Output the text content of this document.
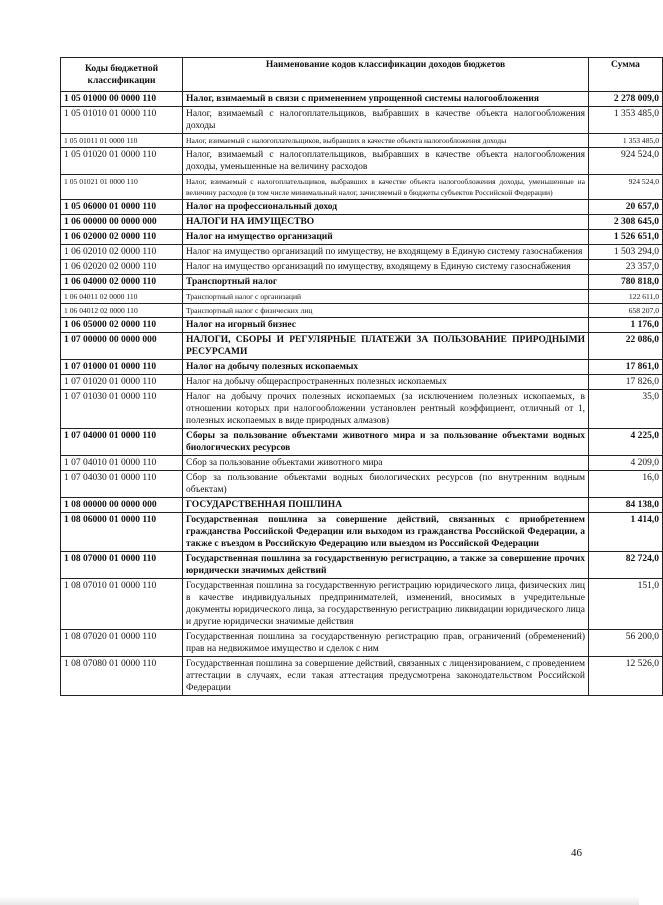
Коды бюджетной классификации	Наименование кодов классификации доходов бюджетов	Сумма
1 05 01000 00 0000 110	Налог, взимаемый в связи с применением упрощенной системы налогообложения	2 278 009,0
1 05 01010 01 0000 110	Налог, взимаемый с налогоплательщиков, выбравших в качестве объекта налогообложения доходы	1 353 485,0
1 05 01011 01 0000 110	Налог, взимаемый с налогоплательщиков, выбравших в качестве объекта налогообложения доходы	1 353 485,0
1 05 01020 01 0000 110	Налог, взимаемый с налогоплательщиков, выбравших в качестве объекта налогообложения доходы, уменьшенные на величину расходов	924 524,0
1 05 01021 01 0000 110	Налог, взимаемый с налогоплательщиков, выбравших в качестве объекта налогообложения доходы, уменьшенные на величину расходов (в том числе минимальный налог, зачисляемый в бюджеты субъектов Российской Федерации)	924 524,0
1 05 06000 01 0000 110	Налог на профессиональный доход	20 657,0
1 06 00000 00 0000 000	НАЛОГИ НА ИМУЩЕСТВО	2 308 645,0
1 06 02000 02 0000 110	Налог на имущество организаций	1 526 651,0
1 06 02010 02 0000 110	Налог на имущество организаций по имуществу, не входящему в Единую систему газоснабжения	1 503 294,0
1 06 02020 02 0000 110	Налог на имущество организаций по имуществу, входящему в Единую систему газоснабжения	23 357,0
1 06 04000 02 0000 110	Транспортный налог	780 818,0
1 06 04011 02 0000 110	Транспортный налог с организаций	122 611,0
1 06 04012 02 0000 110	Транспортный налог с физических лиц	658 207,0
1 06 05000 02 0000 110	Налог на игорный бизнес	1 176,0
1 07 00000 00 0000 000	НАЛОГИ, СБОРЫ И РЕГУЛЯРНЫЕ ПЛАТЕЖИ ЗА ПОЛЬЗОВАНИЕ ПРИРОДНЫМИ РЕСУРСАМИ	22 086,0
1 07 01000 01 0000 110	Налог на добычу полезных ископаемых	17 861,0
1 07 01020 01 0000 110	Налог на добычу общераспространенных полезных ископаемых	17 826,0
1 07 01030 01 0000 110	Налог на добычу прочих полезных ископаемых (за исключением полезных ископаемых, в отношении которых при налогообложении установлен рентный коэффициент, отличный от 1, полезных ископаемых в виде природных алмазов)	35,0
1 07 04000 01 0000 110	Сборы за пользование объектами животного мира и за пользование объектами водных биологических ресурсов	4 225,0
1 07 04010 01 0000 110	Сбор за пользование объектами животного мира	4 209,0
1 07 04030 01 0000 110	Сбор за пользование объектами водных биологических ресурсов (по внутренним водным объектам)	16,0
1 08 00000 00 0000 000	ГОСУДАРСТВЕННАЯ ПОШЛИНА	84 138,0
1 08 06000 01 0000 110	Государственная пошлина за совершение действий, связанных с приобретением гражданства Российской Федерации или выходом из гражданства Российской Федерации, а также с въездом в Российскую Федерацию или выездом из Российской Федерации	1 414,0
1 08 07000 01 0000 110	Государственная пошлина за государственную регистрацию, а также за совершение прочих юридически значимых действий	82 724,0
1 08 07010 01 0000 110	Государственная пошлина за государственную регистрацию юридического лица, физических лиц в качестве индивидуальных предпринимателей, изменений, вносимых в учредительные документы юридического лица, за государственную регистрацию ликвидации юридического лица и другие юридически значимые действия	151,0
1 08 07020 01 0000 110	Государственная пошлина за государственную регистрацию прав, ограничений (обременений) прав на недвижимое имущество и сделок с ним	56 200,0
1 08 07080 01 0000 110	Государственная пошлина за совершение действий, связанных с лицензированием, с проведением аттестации в случаях, если такая аттестация предусмотрена законодательством Российской Федерации	12 526,0
46
